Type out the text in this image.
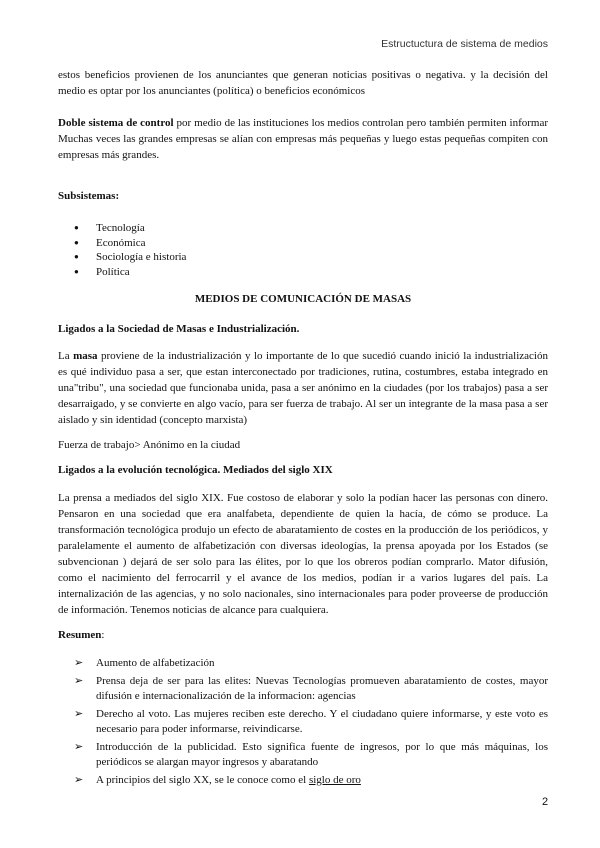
Estructuctura de sistema de medios

estos beneficios provienen de los anunciantes que generan noticias positivas o negativa. y la decisión del medio es optar por los anunciantes (política) o beneficios económicos

Doble sistema de control por medio de las instituciones los medios controlan pero también permiten informar Muchas veces las grandes empresas se alían con empresas más pequeñas y luego estas pequeñas compiten con empresas más grandes.

Subsistemas:
● Tecnología
● Económica
● Sociología e historia
● Política
MEDIOS DE COMUNICACIÓN DE MASAS
Ligados a la Sociedad de Masas e Industrialización.

La masa proviene de la industrialización y lo importante de lo que sucedió cuando inició la industrialización es qué individuo pasa a ser, que estan interconectado por tradiciones, rutina, costumbres, estaba integrado en una"tribu", una sociedad que funcionaba unida, pasa a ser anónimo en la ciudades (por los trabajos) pasa a ser desarraigado, y se convierte en algo vacío, para ser fuerza de trabajo. Al ser un integrante de la masa pasa a ser aislado y sin identidad (concepto marxista)

Fuerza de trabajo> Anónimo en la ciudad
Ligados a la evolución tecnológica. Mediados del siglo XIX
La prensa a mediados del siglo XIX. Fue costoso de elaborar y solo la podían hacer las personas con dinero. Pensaron en una sociedad que era analfabeta, dependiente de quien la hacía, de cómo se produce. La transformación tecnológica produjo un efecto de abaratamiento de costes en la producción de los periódicos, y paralelamente el aumento de alfabetización con diversas ideologías, la prensa apoyada por los Estados (se subvencionan ) dejará de ser solo para las élites, por lo que los obreros podían comprarlo. Mator difusión, como el nacimiento del ferrocarril y el avance de los medios, podían ir a varios lugares del país. La internalización de las agencias, y no solo nacionales, sino internacionales para poder proveerse de producción de información. Tenemos noticias de alcance para cualquiera.
Resumen:
➢ Aumento de alfabetización
➢ Prensa deja de ser para las elites: Nuevas Tecnologías promueven abaratamiento de costes, mayor difusión e internacionalización de la informacion: agencias
➢ Derecho al voto. Las mujeres reciben este derecho. Y el ciudadano quiere informarse, y este voto es necesario para poder informarse, reivindicarse.
➢ Introducción de la publicidad. Esto significa fuente de ingresos, por lo que más máquinas, los periódicos se alargan mayor ingresos y abaratando
➢ A principios del siglo XX, se le conoce como el siglo de oro
2
